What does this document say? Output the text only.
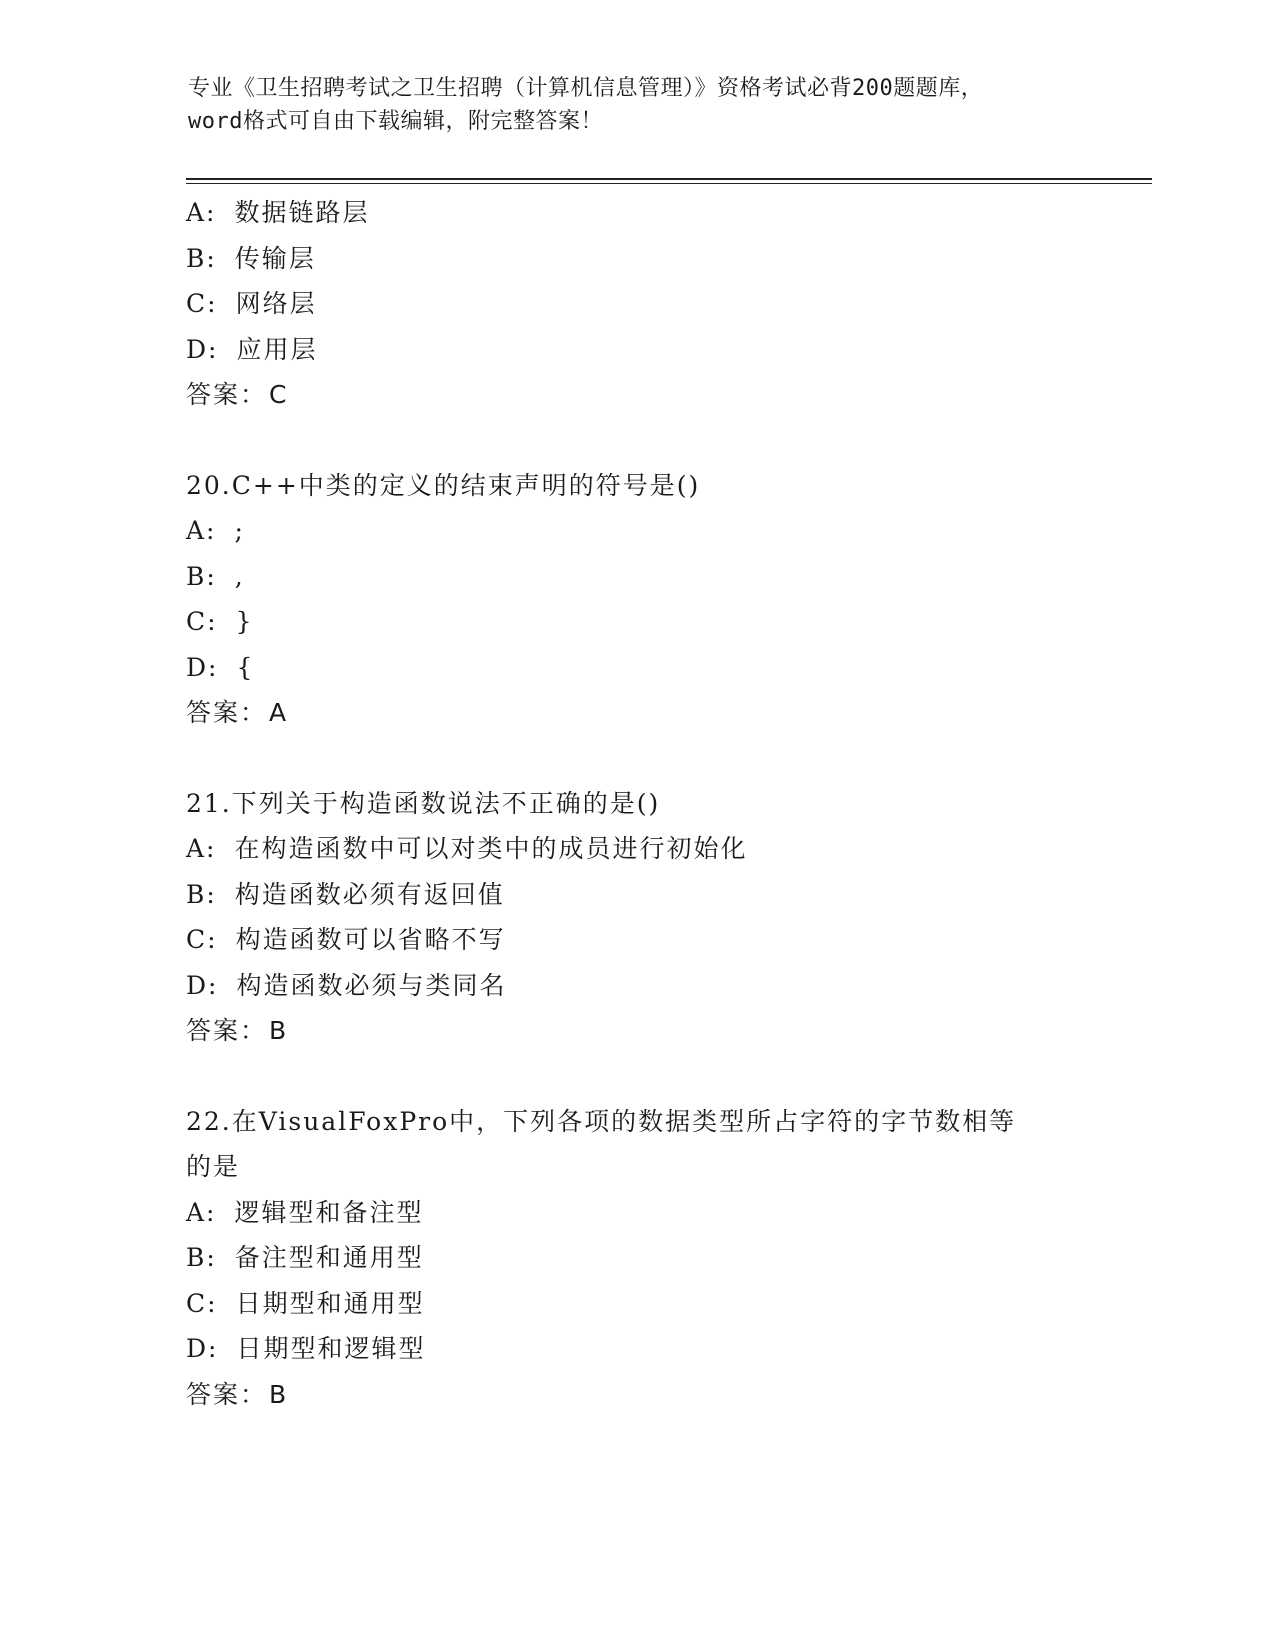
专业《卫生招聘考试之卫生招聘（计算机信息管理）》资格考试必背200题题库，
word格式可自由下载编辑，附完整答案！
A: 数据链路层
B: 传输层
C: 网络层
D: 应用层
答案：C
20.C++中类的定义的结束声明的符号是()
A: ;
B: ,
C: }
D: {
答案：A
21.下列关于构造函数说法不正确的是()
A: 在构造函数中可以对类中的成员进行初始化
B: 构造函数必须有返回值
C: 构造函数可以省略不写
D: 构造函数必须与类同名
答案：B
22.在VisualFoxPro中，下列各项的数据类型所占字符的字节数相等
的是
A: 逻辑型和备注型
B: 备注型和通用型
C: 日期型和通用型
D: 日期型和逻辑型
答案：B
